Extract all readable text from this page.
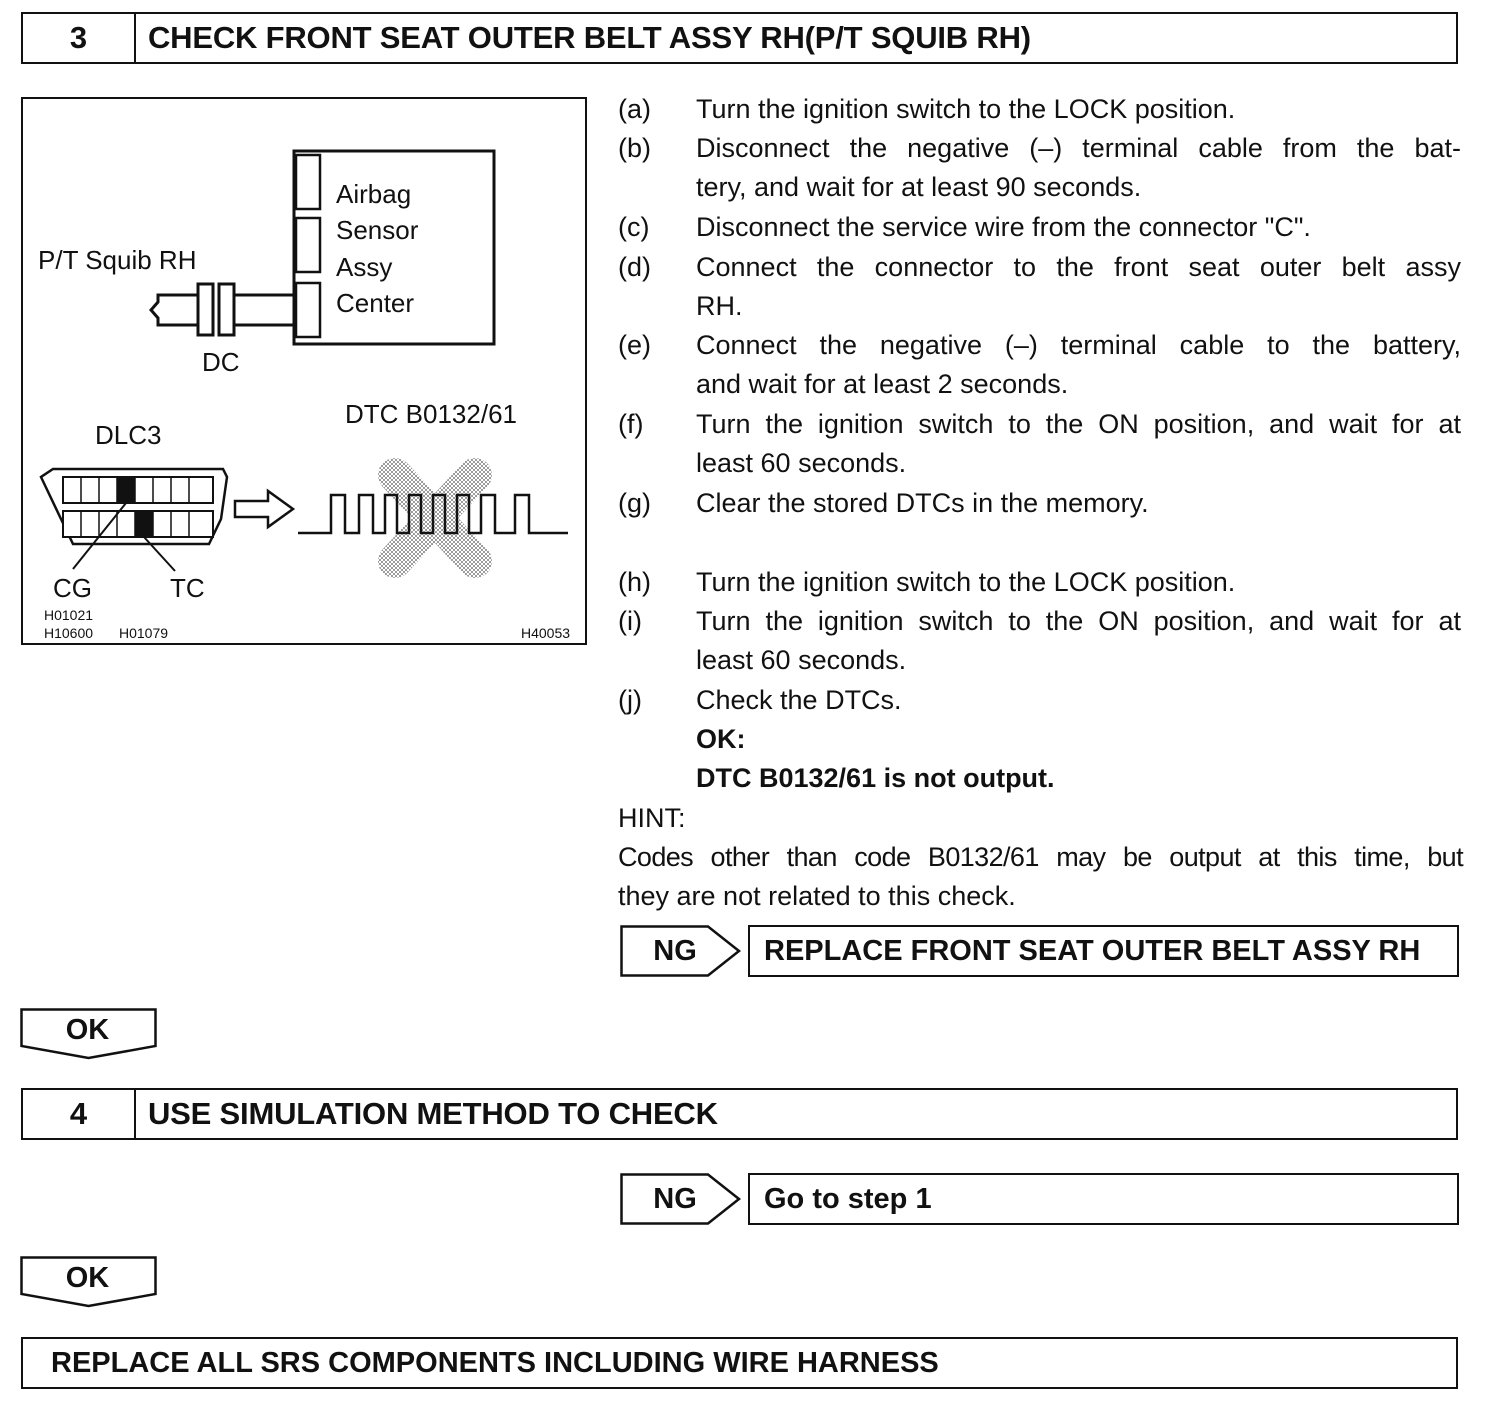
3	CHECK FRONT SEAT OUTER BELT ASSY RH(P/T SQUIB RH)
Airbag
Sensor
Assy
Center
P/T Squib RH
DC
DLC3
DTC B0132/61
CG	TC
H01021
H10600 H01079	H40053
(a)	Turn the ignition switch to the LOCK position.
(b)	Disconnect the negative (–) terminal cable from the bat-
tery, and wait for at least 90 seconds.
(c)	Disconnect the service wire from the connector "C".
(d)	Connect the connector to the front seat outer belt assy
RH.
(e)	Connect the negative (–) terminal cable to the battery,
and wait for at least 2 seconds.
(f)	Turn the ignition switch to the ON position, and wait for at
least 60 seconds.
(g)	Clear the stored DTCs in the memory.
(h)	Turn the ignition switch to the LOCK position.
(i)	Turn the ignition switch to the ON position, and wait for at
least 60 seconds.
(j)	Check the DTCs.
OK:
DTC B0132/61 is not output.
HINT:
Codes other than code B0132/61 may be output at this time, but
they are not related to this check.
NG	REPLACE FRONT SEAT OUTER BELT ASSY RH
OK
4	USE SIMULATION METHOD TO CHECK
NG	Go to step 1
OK
REPLACE ALL SRS COMPONENTS INCLUDING WIRE HARNESS
